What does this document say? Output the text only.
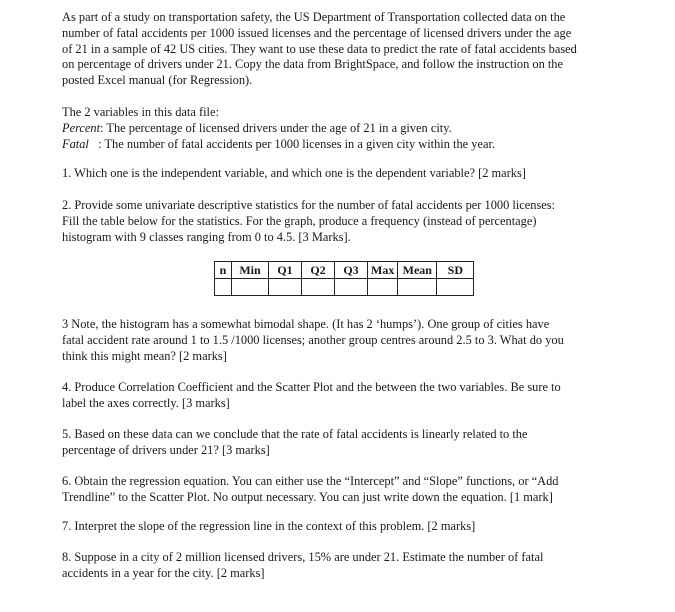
As part of a study on transportation safety, the US Department of Transportation collected data on the
number of fatal accidents per 1000 issued licenses and the percentage of licensed drivers under the age
of 21 in a sample of 42 US cities. They want to use these data to predict the rate of fatal accidents based
on percentage of drivers under 21. Copy the data from BrightSpace, and follow the instruction on the
posted Excel manual (for Regression).

The 2 variables in this data file:
Percent: The percentage of licensed drivers under the age of 21 in a given city.
Fatal   : The number of fatal accidents per 1000 licenses in a given city within the year.

1. Which one is the independent variable, and which one is the dependent variable? [2 marks]

2. Provide some univariate descriptive statistics for the number of fatal accidents per 1000 licenses:
Fill the table below for the statistics. For the graph, produce a frequency (instead of percentage)
histogram with 9 classes ranging from 0 to 4.5. [3 Marks].

n	Min	Q1	Q2	Q3	Max	Mean	SD

3 Note, the histogram has a somewhat bimodal shape. (It has 2 ‘humps’). One group of cities have
fatal accident rate around 1 to 1.5 /1000 licenses; another group centres around 2.5 to 3. What do you
think this might mean? [2 marks]

4. Produce Correlation Coefficient and the Scatter Plot and the between the two variables. Be sure to
label the axes correctly. [3 marks]

5. Based on these data can we conclude that the rate of fatal accidents is linearly related to the
percentage of drivers under 21? [3 marks]

6. Obtain the regression equation. You can either use the “Intercept” and “Slope” functions, or “Add
Trendline” to the Scatter Plot. No output necessary. You can just write down the equation. [1 mark]

7. Interpret the slope of the regression line in the context of this problem. [2 marks]

8. Suppose in a city of 2 million licensed drivers, 15% are under 21. Estimate the number of fatal
accidents in a year for the city. [2 marks]
